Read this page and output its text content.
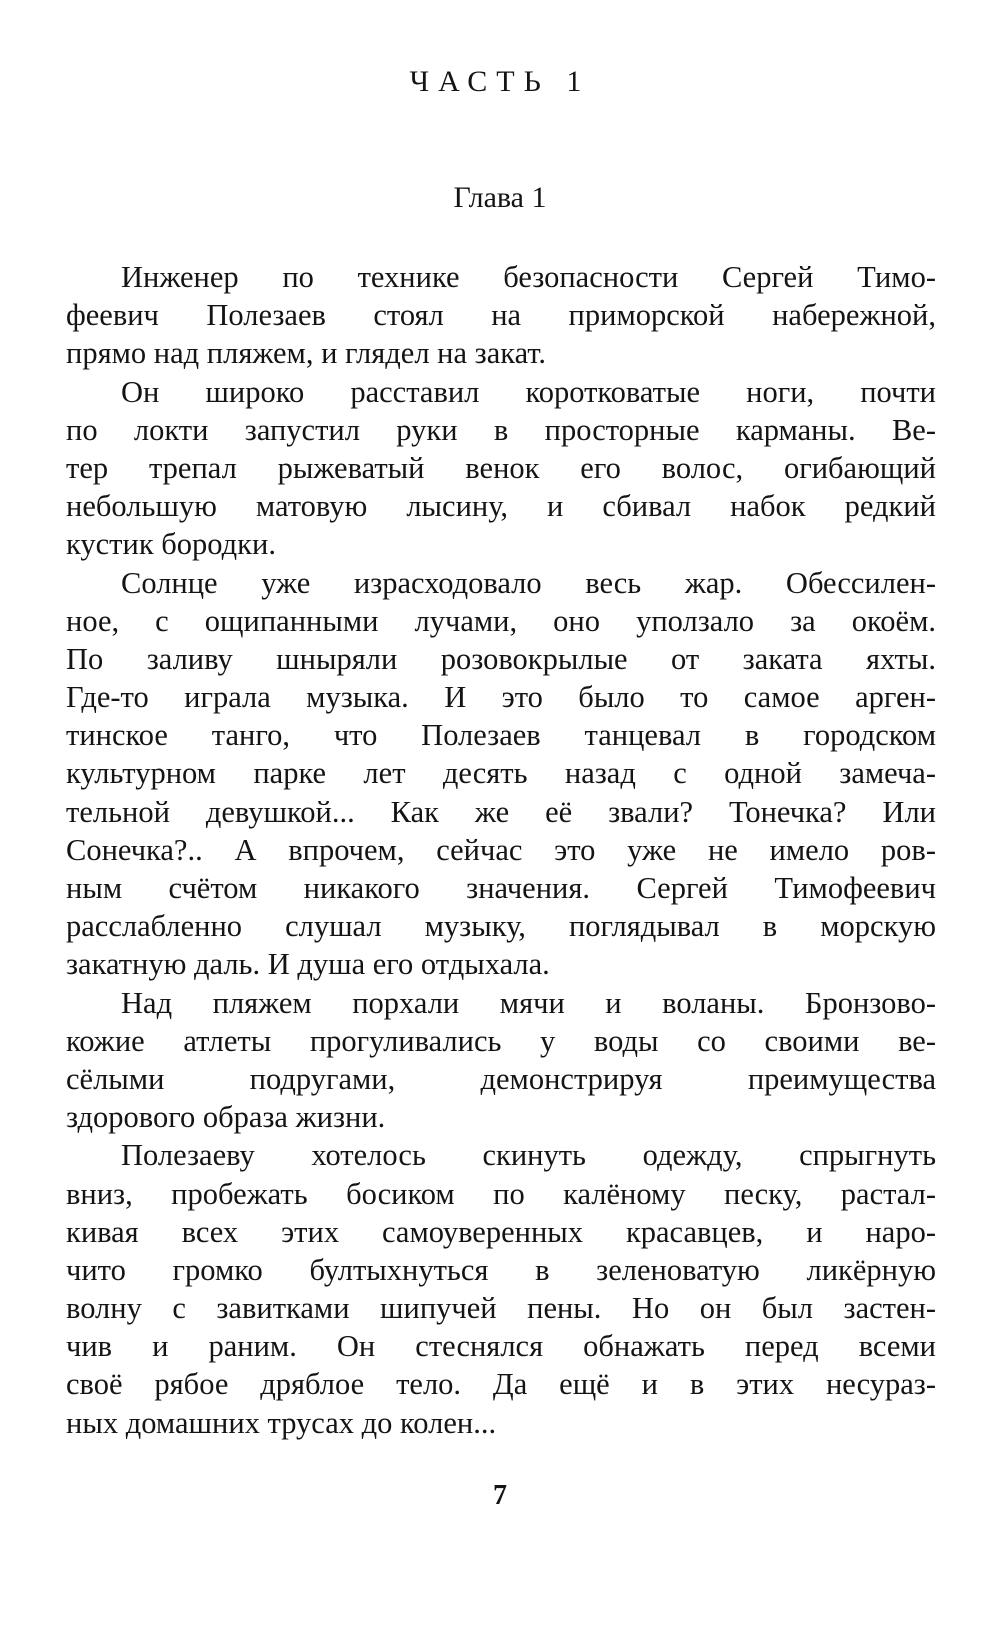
ЧАСТЬ 1
Глава 1
Инженер по технике безопасности Сергей Тимо-
феевич Полезаев стоял на приморской набережной,
прямо над пляжем, и глядел на закат.
Он широко расставил коротковатые ноги, почти
по локти запустил руки в просторные карманы. Ве-
тер трепал рыжеватый венок его волос, огибающий
небольшую матовую лысину, и сбивал набок редкий
кустик бородки.
Солнце уже израсходовало весь жар. Обессилен-
ное, с ощипанными лучами, оно уползало за окоём.
По заливу шныряли розовокрылые от заката яхты.
Где-то играла музыка. И это было то самое арген-
тинское танго, что Полезаев танцевал в городском
культурном парке лет десять назад с одной замеча-
тельной девушкой... Как же её звали? Тонечка? Или
Сонечка?.. А впрочем, сейчас это уже не имело ров-
ным счётом никакого значения. Сергей Тимофеевич
расслабленно слушал музыку, поглядывал в морскую
закатную даль. И душа его отдыхала.
Над пляжем порхали мячи и воланы. Бронзово-
кожие атлеты прогуливались у воды со своими ве-
сёлыми подругами, демонстрируя преимущества
здорового образа жизни.
Полезаеву хотелось скинуть одежду, спрыгнуть
вниз, пробежать босиком по калёному песку, растал-
кивая всех этих самоуверенных красавцев, и наро-
чито громко бултыхнуться в зеленоватую ликёрную
волну с завитками шипучей пены. Но он был застен-
чив и раним. Он стеснялся обнажать перед всеми
своё рябое дряблое тело. Да ещё и в этих несураз-
ных домашних трусах до колен...
7
